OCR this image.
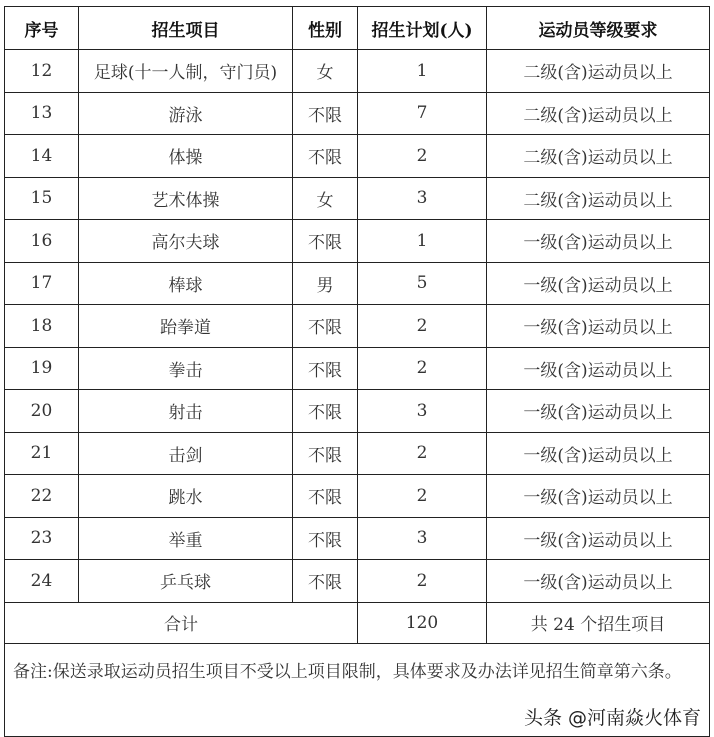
序号	招生项目	性别	招生计划(人)	运动员等级要求
12	足球(十一人制，守门员)	女	1	二级(含)运动员以上
13	游泳	不限	7	二级(含)运动员以上
14	体操	不限	2	二级(含)运动员以上
15	艺术体操	女	3	二级(含)运动员以上
16	高尔夫球	不限	1	一级(含)运动员以上
17	棒球	男	5	一级(含)运动员以上
18	跆拳道	不限	2	一级(含)运动员以上
19	拳击	不限	2	一级(含)运动员以上
20	射击	不限	3	一级(含)运动员以上
21	击剑	不限	2	一级(含)运动员以上
22	跳水	不限	2	一级(含)运动员以上
23	举重	不限	3	一级(含)运动员以上
24	乒乓球	不限	2	一级(含)运动员以上
合计			120	共 24 个招生项目
备注:保送录取运动员招生项目不受以上项目限制，具体要求及办法详见招生简章第六条。
头条 @河南焱火体育				
